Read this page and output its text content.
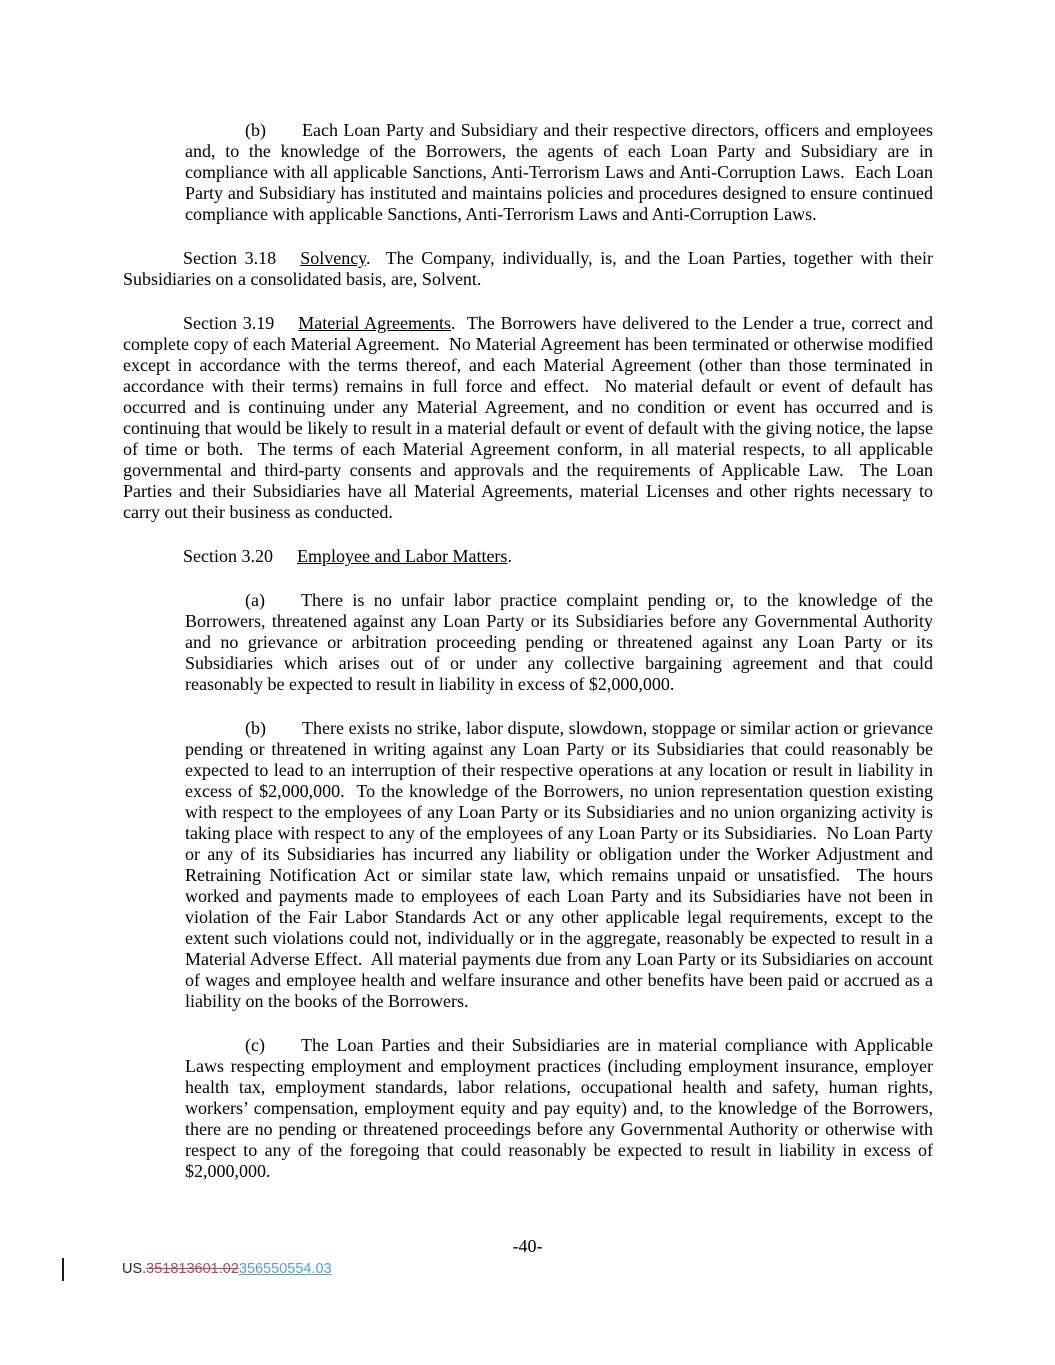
(b) Each Loan Party and Subsidiary and their respective directors, officers and employees and, to the knowledge of the Borrowers, the agents of each Loan Party and Subsidiary are in compliance with all applicable Sanctions, Anti-Terrorism Laws and Anti-Corruption Laws.  Each Loan Party and Subsidiary has instituted and maintains policies and procedures designed to ensure continued compliance with applicable Sanctions, Anti-Terrorism Laws and Anti-Corruption Laws.

Section 3.18 Solvency. The Company, individually, is, and the Loan Parties, together with their Subsidiaries on a consolidated basis, are, Solvent.

Section 3.19 Material Agreements. The Borrowers have delivered to the Lender a true, correct and complete copy of each Material Agreement.  No Material Agreement has been terminated or otherwise modified except in accordance with the terms thereof, and each Material Agreement (other than those terminated in accordance with their terms) remains in full force and effect.  No material default or event of default has occurred and is continuing under any Material Agreement, and no condition or event has occurred and is continuing that would be likely to result in a material default or event of default with the giving notice, the lapse of time or both.  The terms of each Material Agreement conform, in all material respects, to all applicable governmental and third-party consents and approvals and the requirements of Applicable Law.  The Loan Parties and their Subsidiaries have all Material Agreements, material Licenses and other rights necessary to carry out their business as conducted.

Section 3.20 Employee and Labor Matters.

(a) There is no unfair labor practice complaint pending or, to the knowledge of the Borrowers, threatened against any Loan Party or its Subsidiaries before any Governmental Authority and no grievance or arbitration proceeding pending or threatened against any Loan Party or its Subsidiaries which arises out of or under any collective bargaining agreement and that could reasonably be expected to result in liability in excess of $2,000,000.

(b) There exists no strike, labor dispute, slowdown, stoppage or similar action or grievance pending or threatened in writing against any Loan Party or its Subsidiaries that could reasonably be expected to lead to an interruption of their respective operations at any location or result in liability in excess of $2,000,000.  To the knowledge of the Borrowers, no union representation question existing with respect to the employees of any Loan Party or its Subsidiaries and no union organizing activity is taking place with respect to any of the employees of any Loan Party or its Subsidiaries.  No Loan Party or any of its Subsidiaries has incurred any liability or obligation under the Worker Adjustment and Retraining Notification Act or similar state law, which remains unpaid or unsatisfied.  The hours worked and payments made to employees of each Loan Party and its Subsidiaries have not been in violation of the Fair Labor Standards Act or any other applicable legal requirements, except to the extent such violations could not, individually or in the aggregate, reasonably be expected to result in a Material Adverse Effect.  All material payments due from any Loan Party or its Subsidiaries on account of wages and employee health and welfare insurance and other benefits have been paid or accrued as a liability on the books of the Borrowers.

(c) The Loan Parties and their Subsidiaries are in material compliance with Applicable Laws respecting employment and employment practices (including employment insurance, employer health tax, employment standards, labor relations, occupational health and safety, human rights, workers’ compensation, employment equity and pay equity) and, to the knowledge of the Borrowers, there are no pending or threatened proceedings before any Governmental Authority or otherwise with respect to any of the foregoing that could reasonably be expected to result in liability in excess of $2,000,000.

-40-
US.351813601.02356550554.03
